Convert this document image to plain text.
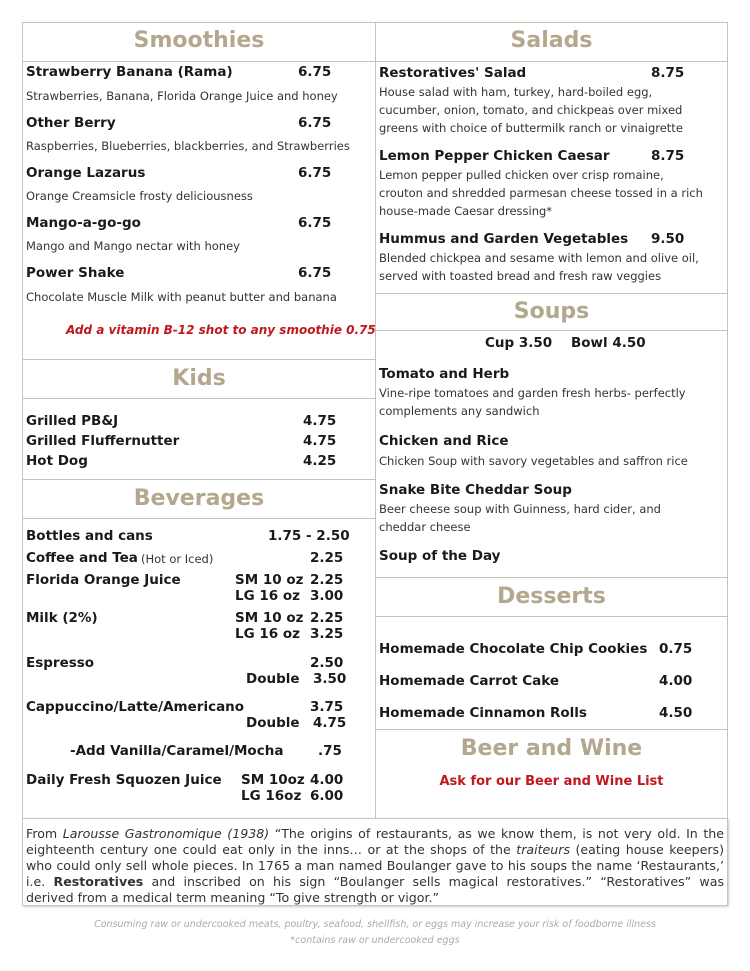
Smoothies
Strawberry Banana (Rama)	6.75
Strawberries, Banana, Florida Orange Juice and honey
Other Berry	6.75
Raspberries, Blueberries, blackberries, and Strawberries
Orange Lazarus	6.75
Orange Creamsicle frosty deliciousness
Mango-a-go-go	6.75
Mango and Mango nectar with honey
Power Shake	6.75
Chocolate Muscle Milk with peanut butter and banana
Add a vitamin B-12 shot to any smoothie 0.75
Kids
Grilled PB&J	4.75
Grilled Fluffernutter	4.75
Hot Dog	4.25
Beverages
Bottles and cans	1.75 - 2.50
Coffee and Tea (Hot or Iced)	2.25
Florida Orange Juice	SM 10 oz 2.25
LG 16 oz 3.00
Milk (2%)	SM 10 oz 2.25
LG 16 oz 3.25
Espresso	2.50
Double 3.50
Cappuccino/Latte/Americano	3.75
Double 4.75
-Add Vanilla/Caramel/Mocha	.75
Daily Fresh Squozen Juice SM 10oz 4.00
LG 16oz 6.00
Salads
Restoratives' Salad	8.75
House salad with ham, turkey, hard-boiled egg,
cucumber, onion, tomato, and chickpeas over mixed
greens with choice of buttermilk ranch or vinaigrette
Lemon Pepper Chicken Caesar	8.75
Lemon pepper pulled chicken over crisp romaine,
crouton and shredded parmesan cheese tossed in a rich
house-made Caesar dressing*
Hummus and Garden Vegetables 9.50
Blended chickpea and sesame with lemon and olive oil,
served with toasted bread and fresh raw veggies
Soups
Cup 3.50    Bowl 4.50
Tomato and Herb
Vine-ripe tomatoes and garden fresh herbs- perfectly
complements any sandwich
Chicken and Rice
Chicken Soup with savory vegetables and saffron rice
Snake Bite Cheddar Soup
Beer cheese soup with Guinness, hard cider, and
cheddar cheese
Soup of the Day
Desserts
Homemade Chocolate Chip Cookies 0.75
Homemade Carrot Cake	4.00
Homemade Cinnamon Rolls	4.50
Beer and Wine
Ask for our Beer and Wine List
From Larousse Gastronomique (1938) “The origins of restaurants, as we know them, is not very old. In the eighteenth century one could eat only in the inns… or at the shops of the traiteurs (eating house keepers) who could only sell whole pieces. In 1765 a man named Boulanger gave to his soups the name ‘Restaurants,’ i.e. Restoratives and inscribed on his sign “Boulanger sells magical restoratives.” “Restoratives” was derived from a medical term meaning “To give strength or vigor.”
Consuming raw or undercooked meats, poultry, seafood, shellfish, or eggs may increase your risk of foodborne illness
*contains raw or undercooked eggs
